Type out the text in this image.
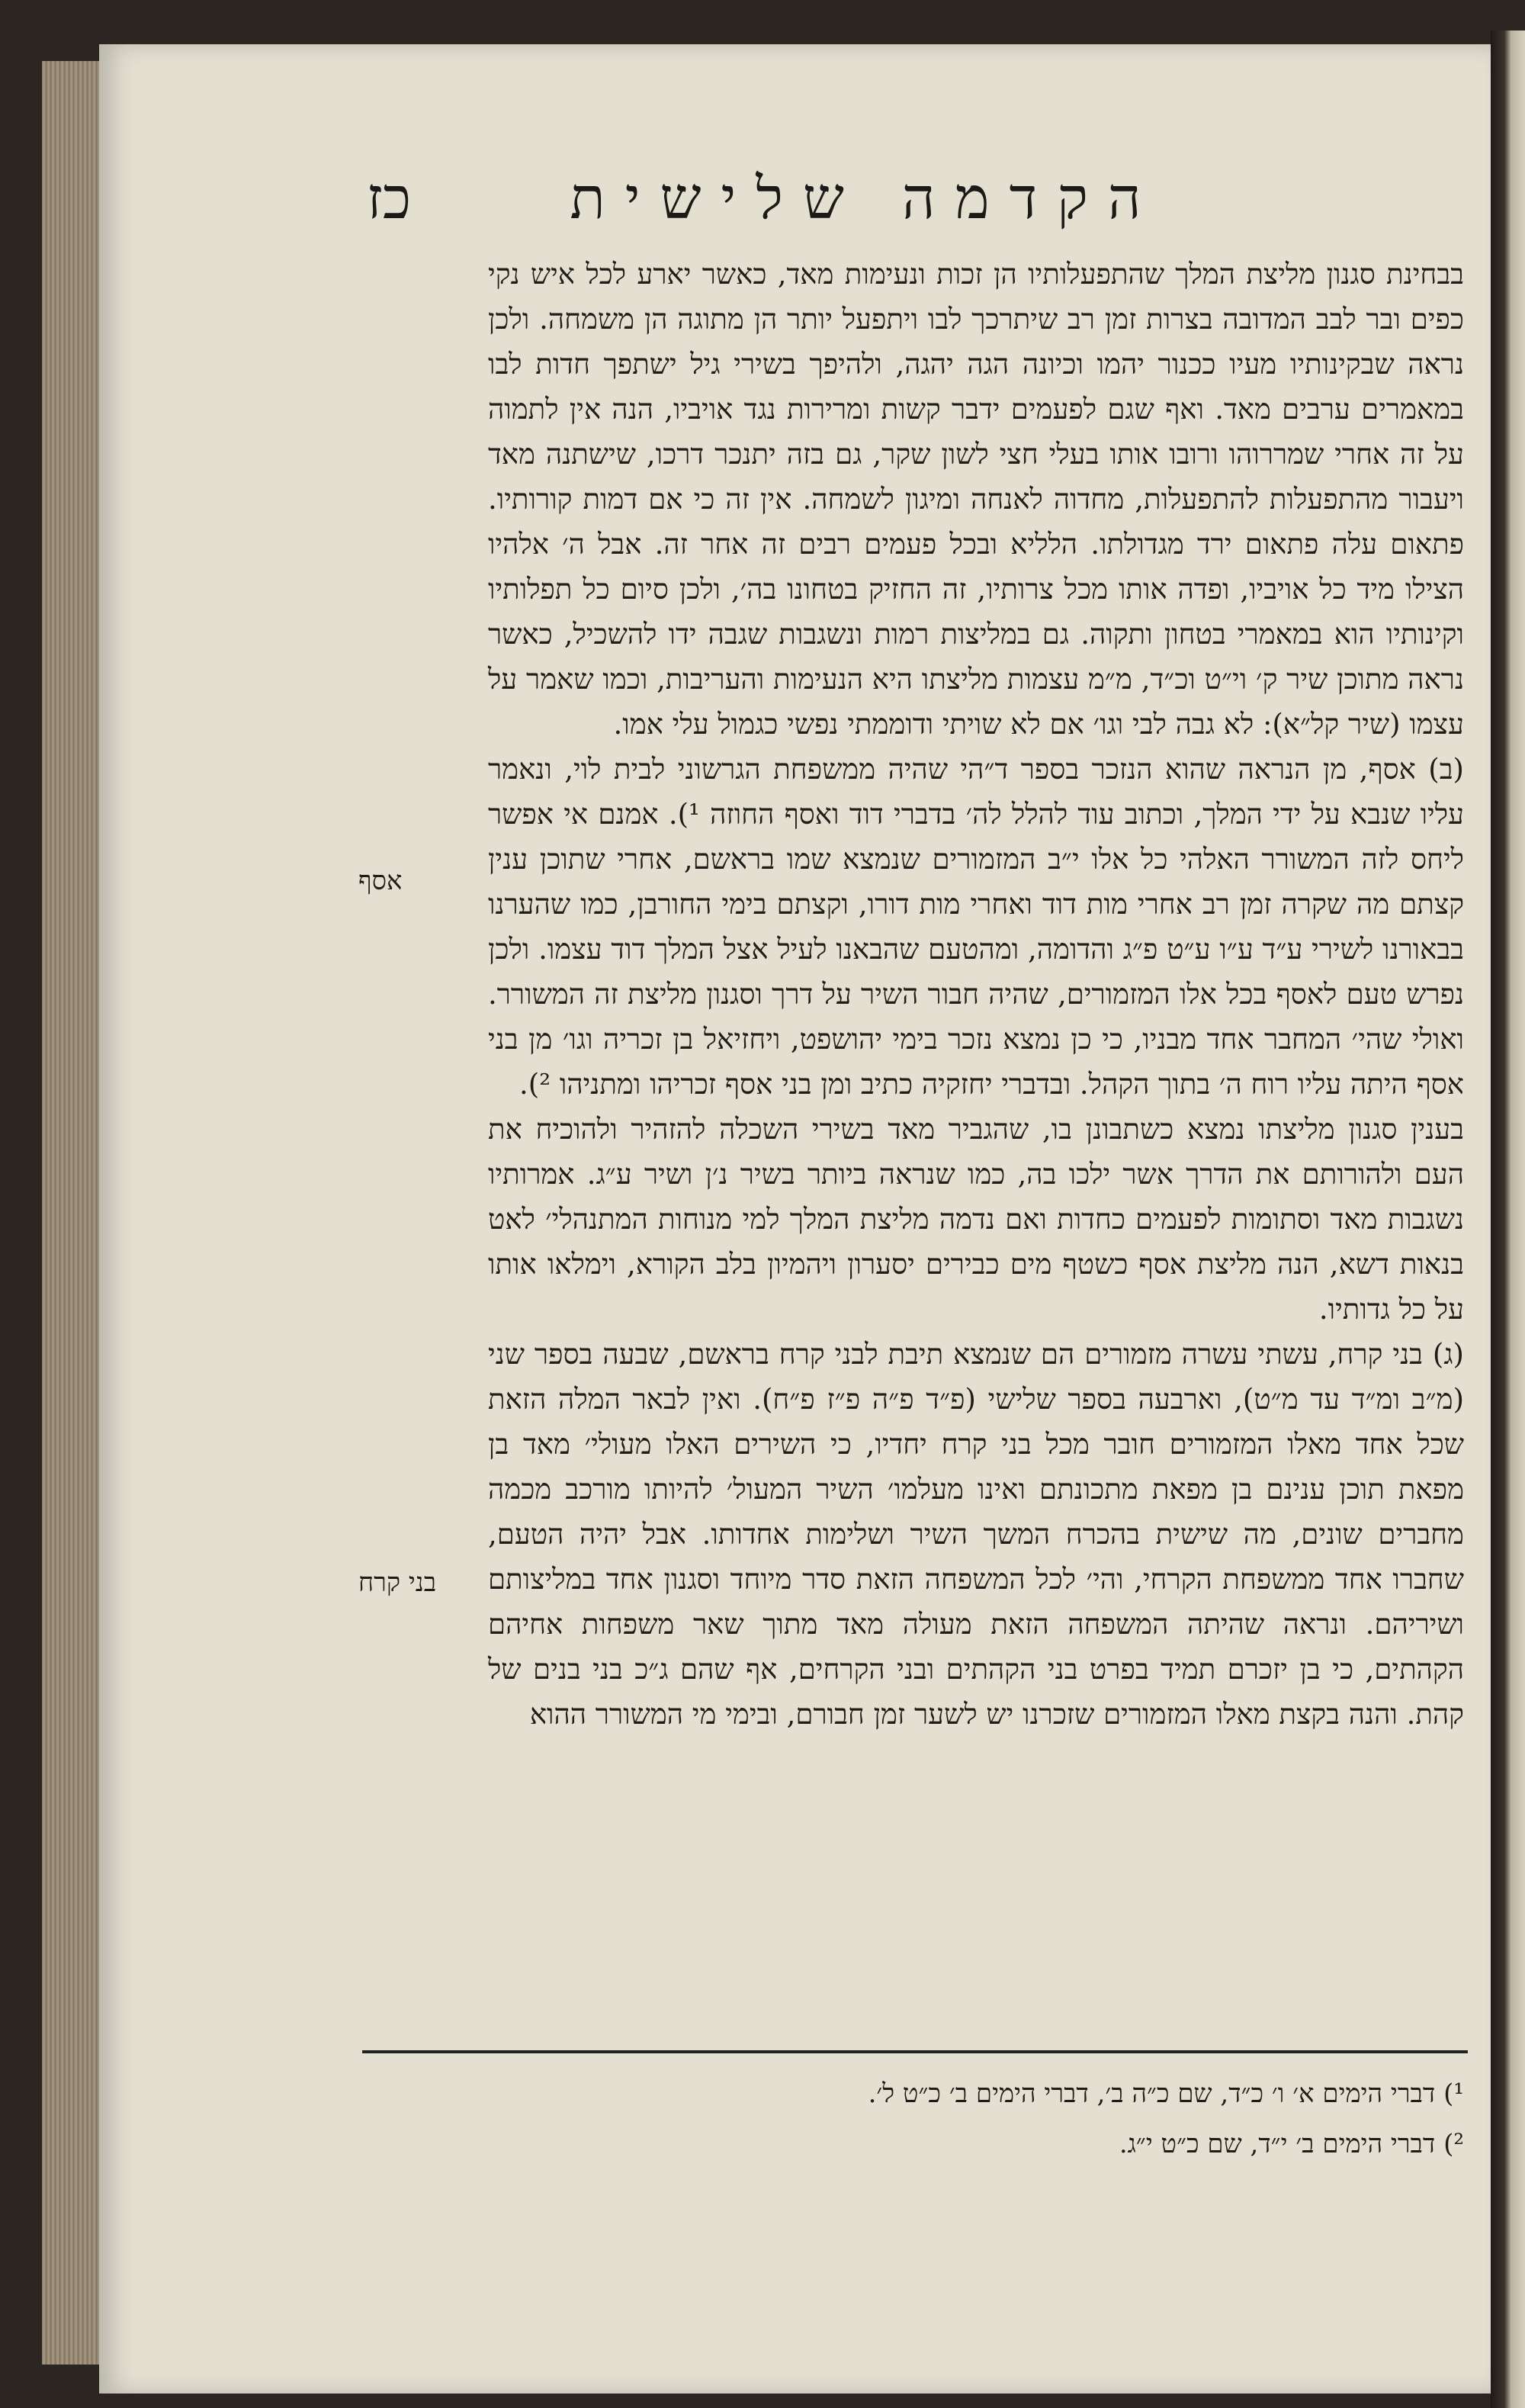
כז	הקדמה שלישית

בבחינת סגנון מליצת המלך שהתפעלותיו הן זכות ונעימות מאד, כאשר יארע לכל איש נקי כפים ובר לבב המדובה בצרות זמן רב שיתרכך לבו ויתפעל יותר הן מתוגה הן משמחה. ולכן נראה שבקינותיו מעיו ככנור יהמו וכיונה הגה יהגה, ולהיפך בשירי גיל ישתפך חדות לבו במאמרים ערבים מאד. ואף שגם לפעמים ידבר קשות ומרירות נגד אויביו, הנה אין לתמוה על זה אחרי שמררוהו ורובו אותו בעלי חצי לשון שקר, גם בזה יתנכר דרכו, שישתנה מאד ויעבור מהתפעלות להתפעלות, מחדוה לאנחה ומיגון לשמחה. אין זה כי אם דמות קורותיו. פתאום עלה פתאום ירד מגדולתו. הלליא ובכל פעמים רבים זה אחר זה. אבל ה׳ אלהיו הצילו מיד כל אויביו, ופדה אותו מכל צרותיו, זה החזיק בטחונו בה׳, ולכן סיום כל תפלותיו וקינותיו הוא במאמרי בטחון ותקוה. גם במליצות רמות ונשגבות שגבה ידו להשכיל, כאשר נראה מתוכן שיר ק׳ וי״ט וכ״ד, מ״מ עצמות מליצתו היא הנעימות והעריבות, וכמו שאמר על עצמו (שיר קל״א): לא גבה לבי וגו׳ אם לא שויתי ודוממתי נפשי כגמול עלי אמו.

(ב) אסף, מן הנראה שהוא הנזכר בספר ד״הי שהיה ממשפחת הגרשוני לבית לוי, ונאמר עליו שנבא על ידי המלך, וכתוב עוד להלל לה׳ בדברי דוד ואסף החוזה ¹). אמנם אי אפשר ליחס לזה המשורר האלהי כל אלו י״ב המזמורים שנמצא שמו בראשם, אחרי שתוכן ענין קצתם מה שקרה זמן רב אחרי מות דוד ואחרי מות דורו, וקצתם בימי החורבן, כמו שהערנו בבאורנו לשירי ע״ד ע״ו ע״ט פ״ג והדומה, ומהטעם שהבאנו לעיל אצל המלך דוד עצמו. ולכן נפרש טעם לאסף בכל אלו המזמורים, שהיה חבור השיר על דרך וסגנון מליצת זה המשורר. ואולי שהי׳ המחבר אחד מבניו, כי כן נמצא נזכר בימי יהושפט, ויחזיאל בן זכריה וגו׳ מן בני אסף היתה עליו רוח ה׳ בתוך הקהל. ובדברי יחזקיה כתיב ומן בני אסף זכריהו ומתניהו ²).

בענין סגנון מליצתו נמצא כשתבונן בו, שהגביר מאד בשירי השכלה להזהיר ולהוכיח את העם ולהורותם את הדרך אשר ילכו בה, כמו שנראה ביותר בשיר נ׳ן ושיר ע״ג. אמרותיו נשגבות מאד וסתומות לפעמים כחדות ואם נדמה מליצת המלך למי מנוחות המתנהלי׳ לאט בנאות דשא, הנה מליצת אסף כשטף מים כבירים יסערון ויהמיון בלב הקורא, וימלאו אותו על כל גדותיו.

(ג) בני קרח, עשתי עשרה מזמורים הם שנמצא תיבת לבני קרח בראשם, שבעה בספר שני (מ״ב ומ״ד עד מ״ט), וארבעה בספר שלישי (פ״ד פ״ה פ״ז פ״ח). ואין לבאר המלה הזאת שכל אחד מאלו המזמורים חובר מכל בני קרח יחדיו, כי השירים האלו מעולי׳ מאד בן מפאת תוכן ענינם בן מפאת מתכונתם ואינו מעלמו׳ השיר המעול׳ להיותו מורכב מכמה מחברים שונים, מה שישית בהכרח המשך השיר ושלימות אחדותו. אבל יהיה הטעם, שחברו אחד ממשפחת הקרחי, והי׳ לכל המשפחה הזאת סדר מיוחד וסגנון אחד במליצותם ושיריהם. ונראה שהיתה המשפחה הזאת מעולה מאד מתוך שאר משפחות אחיהם הקהתים, כי בן יזכרם תמיד בפרט בני הקהתים ובני הקרחים, אף שהם ג״כ בני בנים של קהת. והנה בקצת מאלו המזמורים שזכרנו יש לשער זמן חבורם, ובימי מי המשורר ההוא

אסף
בני קרח

¹) דברי הימים א׳ ו׳ כ״ד, שם כ״ה ב׳, דברי הימים ב׳ כ״ט ל׳.

²) דברי הימים ב׳ י״ד, שם כ״ט י״ג.
